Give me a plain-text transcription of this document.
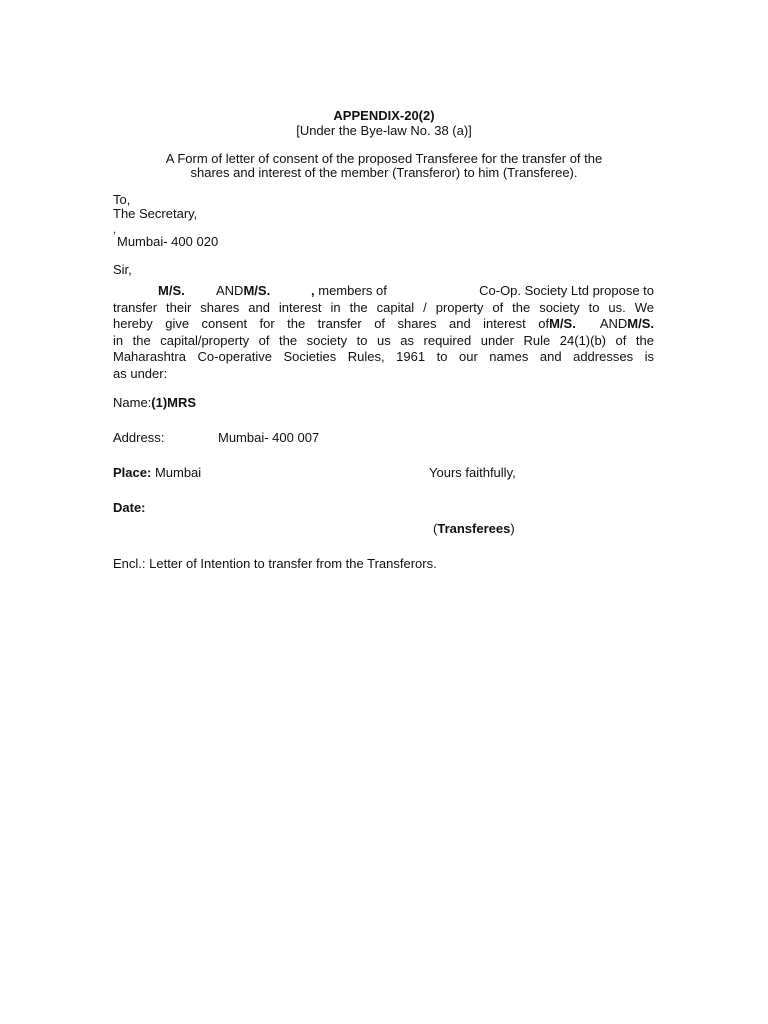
APPENDIX-20(2)
[Under the Bye-law No. 38 (a)]
A Form of letter of consent of the proposed Transferee for the transfer of the
shares and interest of the member (Transferor) to him (Transferee).
To,
The Secretary,
,
Mumbai- 400 020
Sir,
M/S. ANDM/S.	, members of	Co-Op. Society Ltd propose to
transfer their shares and interest in the capital / property of the society to us. We
hereby give consent for the transfer of shares and interest ofM/S. ANDM/S.
in the capital/property of the society to us as required under Rule 24(1)(b) of the
Maharashtra Co-operative Societies Rules, 1961 to our names and addresses is
as under:
Name:(1)MRS
Address:	Mumbai- 400 007
Place: Mumbai	Yours faithfully,
Date:
(Transferees)
Encl.: Letter of Intention to transfer from the Transferors.
